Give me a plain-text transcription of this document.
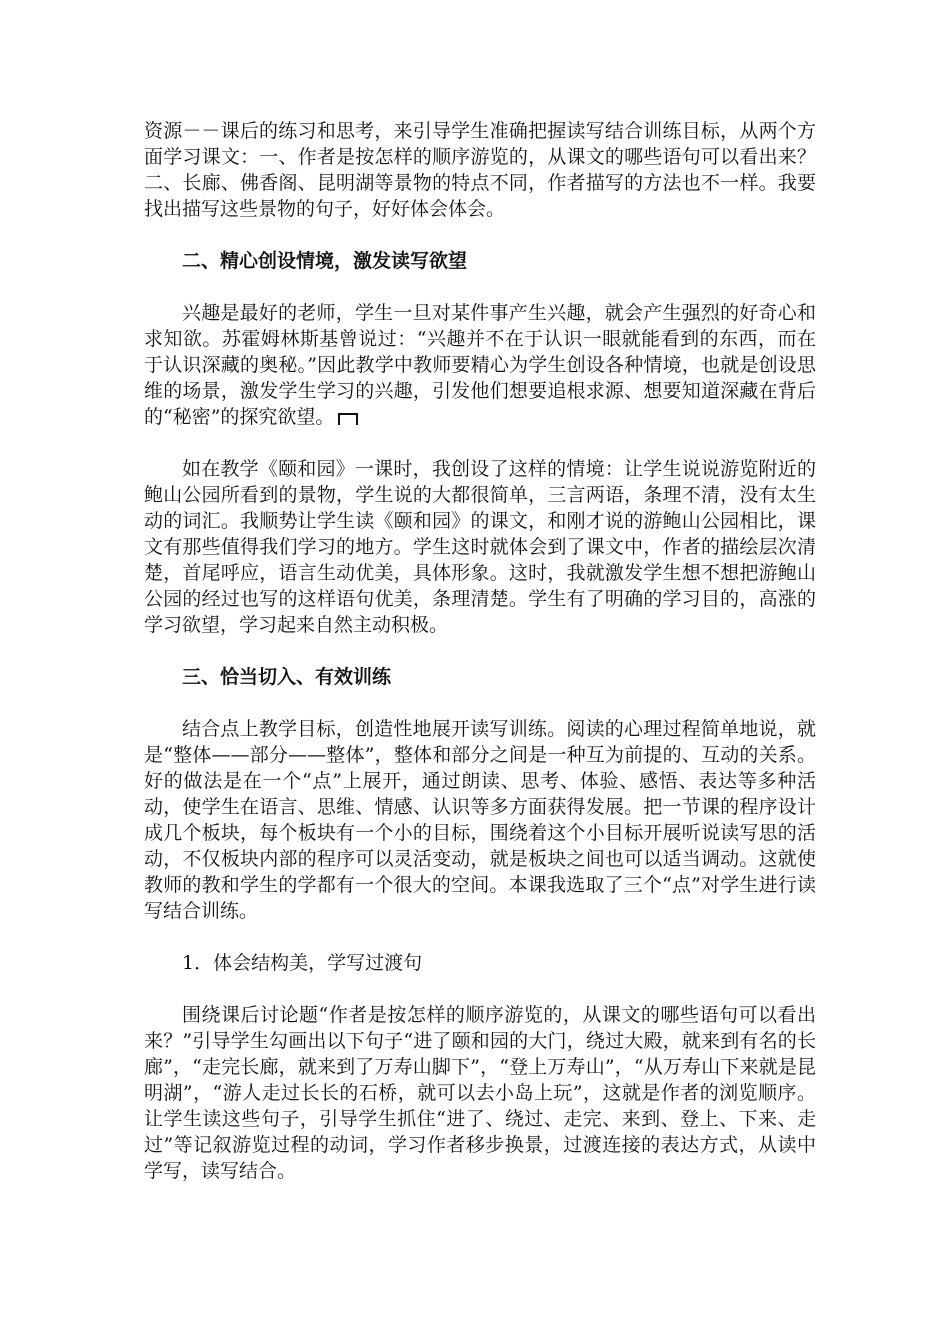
资源－－课后的练习和思考，来引导学生准确把握读写结合训练目标，从两个方面学习课文：一、作者是按怎样的顺序游览的，从课文的哪些语句可以看出来？二、长廊、佛香阁、昆明湖等景物的特点不同，作者描写的方法也不一样。我要找出描写这些景物的句子，好好体会体会。

二、精心创设情境，激发读写欲望

兴趣是最好的老师，学生一旦对某件事产生兴趣，就会产生强烈的好奇心和求知欲。苏霍姆林斯基曾说过：“兴趣并不在于认识一眼就能看到的东西，而在于认识深藏的奥秘。”因此教学中教师要精心为学生创设各种情境，也就是创设思维的场景，激发学生学习的兴趣，引发他们想要追根求源、想要知道深藏在背后的“秘密”的探究欲望。

如在教学《颐和园》一课时，我创设了这样的情境：让学生说说游览附近的鲍山公园所看到的景物，学生说的大都很简单，三言两语，条理不清，没有太生动的词汇。我顺势让学生读《颐和园》的课文，和刚才说的游鲍山公园相比，课文有那些值得我们学习的地方。学生这时就体会到了课文中，作者的描绘层次清楚，首尾呼应，语言生动优美，具体形象。这时，我就激发学生想不想把游鲍山公园的经过也写的这样语句优美，条理清楚。学生有了明确的学习目的，高涨的学习欲望，学习起来自然主动积极。

三、恰当切入、有效训练

结合点上教学目标，创造性地展开读写训练。阅读的心理过程简单地说，就是“整体——部分——整体”，整体和部分之间是一种互为前提的、互动的关系。好的做法是在一个“点”上展开，通过朗读、思考、体验、感悟、表达等多种活动，使学生在语言、思维、情感、认识等多方面获得发展。把一节课的程序设计成几个板块，每个板块有一个小的目标，围绕着这个小目标开展听说读写思的活动，不仅板块内部的程序可以灵活变动，就是板块之间也可以适当调动。这就使教师的教和学生的学都有一个很大的空间。本课我选取了三个“点”对学生进行读写结合训练。

1．体会结构美，学写过渡句

围绕课后讨论题“作者是按怎样的顺序游览的，从课文的哪些语句可以看出来？”引导学生勾画出以下句子“进了颐和园的大门，绕过大殿，就来到有名的长廊”，“走完长廊，就来到了万寿山脚下”，“登上万寿山”，“从万寿山下来就是昆明湖”，“游人走过长长的石桥，就可以去小岛上玩”，这就是作者的浏览顺序。让学生读这些句子，引导学生抓住“进了、绕过、走完、来到、登上、下来、走过”等记叙游览过程的动词，学习作者移步换景，过渡连接的表达方式，从读中学写，读写结合。
